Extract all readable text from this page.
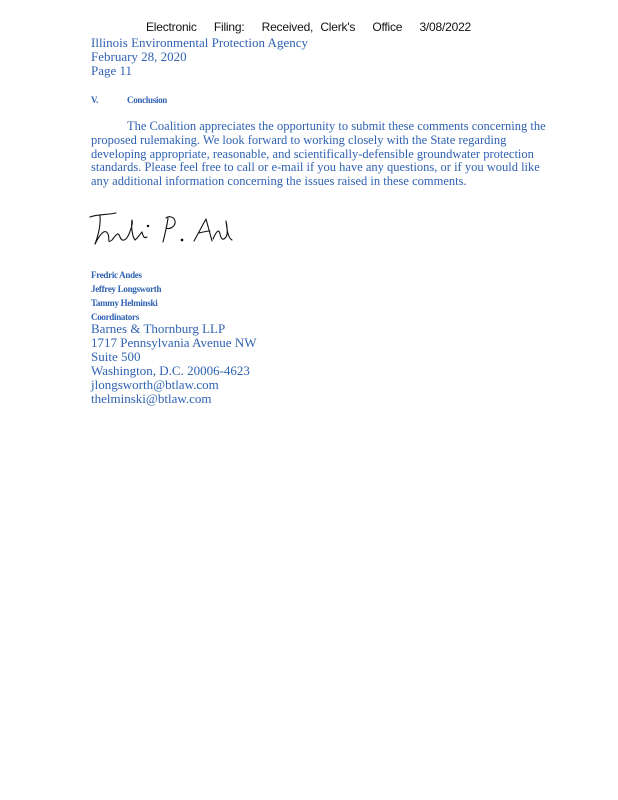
Electronic Filing: Received, Clerk's Office 3/08/2022
Illinois Environmental Protection Agency
February 28, 2020
Page 11
V.	Conclusion
The Coalition appreciates the opportunity to submit these comments concerning the
proposed rulemaking. We look forward to working closely with the State regarding
developing appropriate, reasonable, and scientifically-defensible groundwater protection
standards. Please feel free to call or e-mail if you have any questions, or if you would like
any additional information concerning the issues raised in these comments.
Fredric Andes
Jeffrey Longsworth
Tammy Helminski
Coordinators
Barnes & Thornburg LLP
1717 Pennsylvania Avenue NW
Suite 500
Washington, D.C. 20006-4623
jlongsworth@btlaw.com
thelminski@btlaw.com
